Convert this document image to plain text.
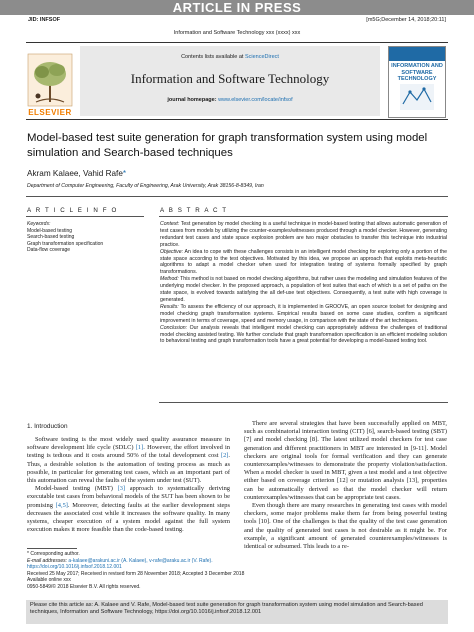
ARTICLE IN PRESS
JID: INFSOF	[m5G;December 14, 2018;20:11]
Information and Software Technology xxx (xxxx) xxx
ELSEVIER
Contents lists available at ScienceDirect
Information and Software Technology
journal homepage: www.elsevier.com/locate/infsof
INFORMATION AND SOFTWARE TECHNOLOGY
Model-based test suite generation for graph transformation system using model simulation and Search-based techniques
Akram Kalaee, Vahid Rafe*
Department of Computer Engineering, Faculty of Engineering, Arak University, Arak 38156-8-8349, Iran
A R T I C L E I N F O	A B S T R A C T
Keywords:
Model-based testing
Search-based testing
Graph transformation specification
Data-flow coverage

Context: Test generation by model checking is a useful technique in model-based testing that allows automatic generation of test cases from models by utilizing the counter-examples/witnesses produced through a model checker. However, generating redundant test cases and state space explosion problem are two major obstacles to transfer this technique into industrial practice.

Objective: An idea to cope with these challenges consists in an intelligent model checking for exploring only a portion of the state space according to the test objectives. Motivated by this idea, we propose an approach that exploits meta-heuristic algorithms to adapt a model checker when used for integration testing of systems formally specified by graph transformations.

Method: This method is not based on model checking algorithms, but rather uses the modeling and simulation features of the underlying model checker. In the proposed approach, a population of test suites that each of which is a set of paths on the state space, is evolved towards satisfying the all def-use test objectives. Consequently, a test suite with high coverage is generated.

Results: To assess the efficiency of our approach, it is implemented in GROOVE, an open source toolset for designing and model checking graph transformation systems. Empirical results based on some case studies, confirm a significant improvement in terms of coverage, speed and memory usage, in comparison with the state of the art techniques.

Conclusion: Our analysis reveals that intelligent model checking can appropriately address the challenges of traditional model checking assisted testing. We further conclude that graph transformation specification is an efficient modeling solution to behavioral testing and graph transformation tools have a great potential for developing a model-based testing tool.

1. Introduction

Software testing is the most widely used quality assurance measure in software development life cycle (SDLC) [1]. However, the effort involved in testing is tedious and it costs around 50% of the total development cost [2]. Thus, a desirable solution is the automation of testing process as much as possible, in particular for generating test cases, which as an important part of this automation can reveal the faults of the system under test (SUT).

Model-based testing (MBT) [3] approach to systematically deriving executable test cases from behavioral models of the SUT has been shown to be promising [4,5]. Moreover, detecting faults at the earlier development steps decreases the associated cost while it increases the software quality. In many systems, cheaper execution of a system model against the full system execution makes it more feasible than the code-based testing.

There are several strategies that have been successfully applied on MBT, such as combinatorial interaction testing (CIT) [6], search-based testing (SBT) [7] and model checking [8]. The latest utilized model checkers for test case generation and different practitioners in MBT are interested in [9-11]. Model checkers are original tools for formal verification and they can generate counterexamples/witnesses to demonstrate the property violation/satisfaction. When a model checker is used in MBT, given a test model and a test objective either based on coverage criterion [12] or mutation analysis [13], properties can be automatically derived so that the model checker will return counterexamples/witnesses that can be appropriate test cases.

Even though there are many researches in generating test cases with model checkers, some major problems make them far from being powerful testing tools [10]. One of the challenges is that the quality of the test case generation and the quality of generated test cases is not desirable as it might be. For example, a significant amount of generated counterexamples/witnesses is identical or subsumed. This leads to a re-

* Corresponding author.
E-mail addresses: a-kalaee@arakuni.ac.ir (A. Kalaee), v-rafe@araku.ac.ir (V. Rafe).
https://doi.org/10.1016/j.infsof.2018.12.001
Received 25 May 2017; Received in revised form 28 November 2018; Accepted 3 December 2018
Available online xxx
0950-5849/© 2018 Elsevier B.V. All rights reserved.
Please cite this article as: A. Kalaee and V. Rafe, Model-based test suite generation for graph transformation system using model simulation and Search-based techniques, Information and Software Technology, https://doi.org/10.1016/j.infsof.2018.12.001
